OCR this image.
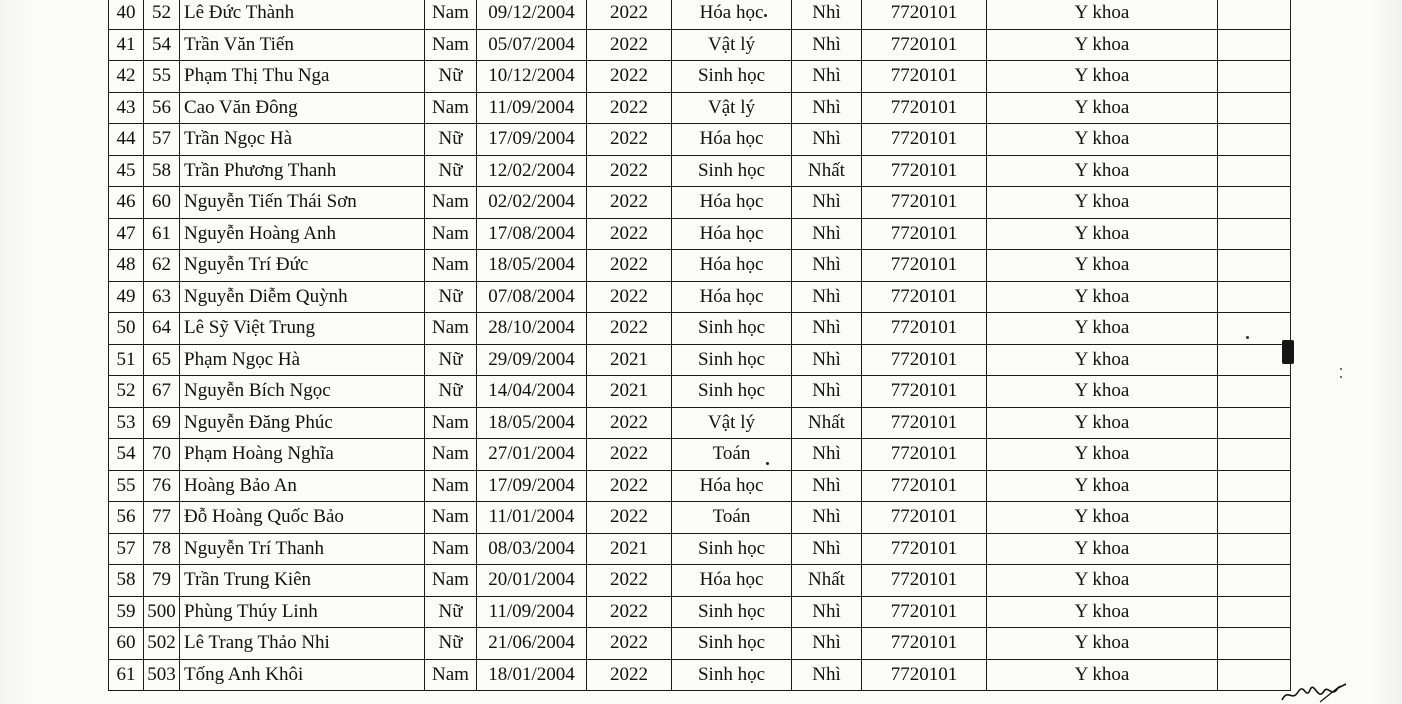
40	52	Lê Đức Thành	Nam	09/12/2004	2022	Hóa học	Nhì	7720101	Y khoa	
41	54	Trần Văn Tiến	Nam	05/07/2004	2022	Vật lý	Nhì	7720101	Y khoa	
42	55	Phạm Thị Thu Nga	Nữ	10/12/2004	2022	Sinh học	Nhì	7720101	Y khoa	
43	56	Cao Văn Đông	Nam	11/09/2004	2022	Vật lý	Nhì	7720101	Y khoa	
44	57	Trần Ngọc Hà	Nữ	17/09/2004	2022	Hóa học	Nhì	7720101	Y khoa	
45	58	Trần Phương Thanh	Nữ	12/02/2004	2022	Sinh học	Nhất	7720101	Y khoa	
46	60	Nguyễn Tiến Thái Sơn	Nam	02/02/2004	2022	Hóa học	Nhì	7720101	Y khoa	
47	61	Nguyễn Hoàng Anh	Nam	17/08/2004	2022	Hóa học	Nhì	7720101	Y khoa	
48	62	Nguyễn Trí Đức	Nam	18/05/2004	2022	Hóa học	Nhì	7720101	Y khoa	
49	63	Nguyễn Diễm Quỳnh	Nữ	07/08/2004	2022	Hóa học	Nhì	7720101	Y khoa	
50	64	Lê Sỹ Việt Trung	Nam	28/10/2004	2022	Sinh học	Nhì	7720101	Y khoa	
51	65	Phạm Ngọc Hà	Nữ	29/09/2004	2021	Sinh học	Nhì	7720101	Y khoa	
52	67	Nguyễn Bích Ngọc	Nữ	14/04/2004	2021	Sinh học	Nhì	7720101	Y khoa	
53	69	Nguyễn Đăng Phúc	Nam	18/05/2004	2022	Vật lý	Nhất	7720101	Y khoa	
54	70	Phạm Hoàng Nghĩa	Nam	27/01/2004	2022	Toán	Nhì	7720101	Y khoa	
55	76	Hoàng Bảo An	Nam	17/09/2004	2022	Hóa học	Nhì	7720101	Y khoa	
56	77	Đỗ Hoàng Quốc Bảo	Nam	11/01/2004	2022	Toán	Nhì	7720101	Y khoa	
57	78	Nguyễn Trí Thanh	Nam	08/03/2004	2021	Sinh học	Nhì	7720101	Y khoa	
58	79	Trần Trung Kiên	Nam	20/01/2004	2022	Hóa học	Nhất	7720101	Y khoa	
59	500	Phùng Thúy Linh	Nữ	11/09/2004	2022	Sinh học	Nhì	7720101	Y khoa	
60	502	Lê Trang Thảo Nhi	Nữ	21/06/2004	2022	Sinh học	Nhì	7720101	Y khoa	
61	503	Tống Anh Khôi	Nam	18/01/2004	2022	Sinh học	Nhì	7720101	Y khoa	
